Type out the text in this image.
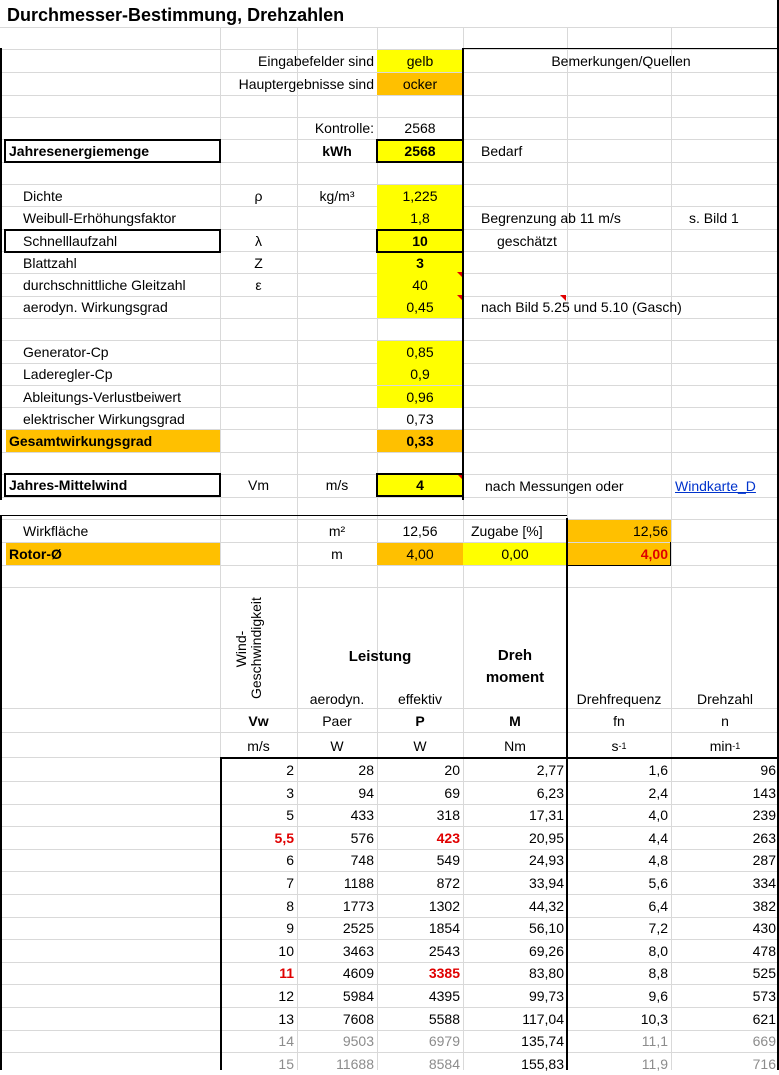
Durchmesser-Bestimmung, Drehzahlen
Eingabefelder sind	gelb	Bemerkungen/Quellen
Hauptergebnisse sind	ocker
Kontrolle:	2568
Jahresenergiemenge	kWh	2568	Bedarf
Dichte	ρ	kg/m³	1,225
Weibull-Erhöhungsfaktor	1,8	Begrenzung ab 11 m/s	s. Bild 1
Schnelllaufzahl	λ	10	geschätzt
Blattzahl	Z	3
durchschnittliche Gleitzahl	ε	40
aerodyn. Wirkungsgrad	0,45	nach Bild 5.25 und 5.10 (Gasch)
Generator-Cp	0,85
Laderegler-Cp	0,9
Ableitungs-Verlustbeiwert	0,96
elektrischer Wirkungsgrad	0,73
Gesamtwirkungsgrad	0,33
Jahres-Mittelwind	Vm	m/s	4	nach Messungen oder	Windkarte_D
Wirkfläche	m²	12,56	Zugabe [%]	12,56
Rotor-Ø	m	4,00	0,00	4,00
Wind-Geschwindigkeit	Leistung	Dreh
moment
aerodyn.	effektiv	Drehfrequenz	Drehzahl
Vw	Paer	P	M	fn	n
m/s	W	W	Nm	s -1	min -1
2	28	20	2,77	1,6	96
3	94	69	6,23	2,4	143
5	433	318	17,31	4,0	239
5,5	576	423	20,95	4,4	263
6	748	549	24,93	4,8	287
7	1188	872	33,94	5,6	334
8	1773	1302	44,32	6,4	382
9	2525	1854	56,10	7,2	430
10	3463	2543	69,26	8,0	478
11	4609	3385	83,80	8,8	525
12	5984	4395	99,73	9,6	573
13	7608	5588	117,04	10,3	621
14	9503	6979	135,74	11,1	669
15	11688	8584	155,83	11,9	716
